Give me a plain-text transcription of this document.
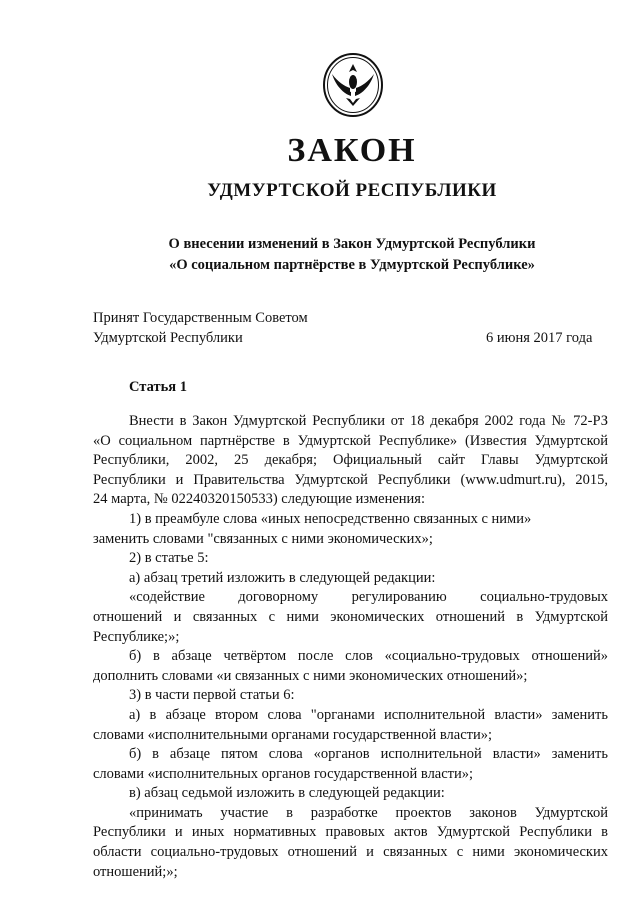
ЗАКОН
УДМУРТСКОЙ РЕСПУБЛИКИ
О внесении изменений в Закон Удмуртской Республики
«О социальном партнёрстве в Удмуртской Республике»
Принят Государственным Советом
Удмуртской Республики	6 июня 2017 года
Статья 1

Внести в Закон Удмуртской Республики от 18 декабря 2002 года № 72-РЗ
«О социальном партнёрстве в Удмуртской Республике» (Известия Удмуртской
Республики, 2002, 25 декабря; Официальный сайт Главы Удмуртской
Республики и Правительства Удмуртской Республики (www.udmurt.ru), 2015,
24 марта, № 02240320150533) следующие изменения:

1) в преамбуле слова «иных непосредственно связанных с ними»
заменить словами "связанных с ними экономических»;

2) в статье 5:

а) абзац третий изложить в следующей редакции:

«содействие договорному регулированию социально-трудовых
отношений и связанных с ними экономических отношений в Удмуртской
Республике;»;

б) в абзаце четвёртом после слов «социально-трудовых отношений»
дополнить словами «и связанных с ними экономических отношений»;

3) в части первой статьи 6:

а) в абзаце втором слова "органами исполнительной власти» заменить
словами «исполнительными органами государственной власти»;

б) в абзаце пятом слова «органов исполнительной власти» заменить
словами «исполнительных органов государственной власти»;

в) абзац седьмой изложить в следующей редакции:

«принимать участие в разработке проектов законов Удмуртской
Республики и иных нормативных правовых актов Удмуртской Республики в
области социально-трудовых отношений и связанных с ними экономических
отношений;»;
